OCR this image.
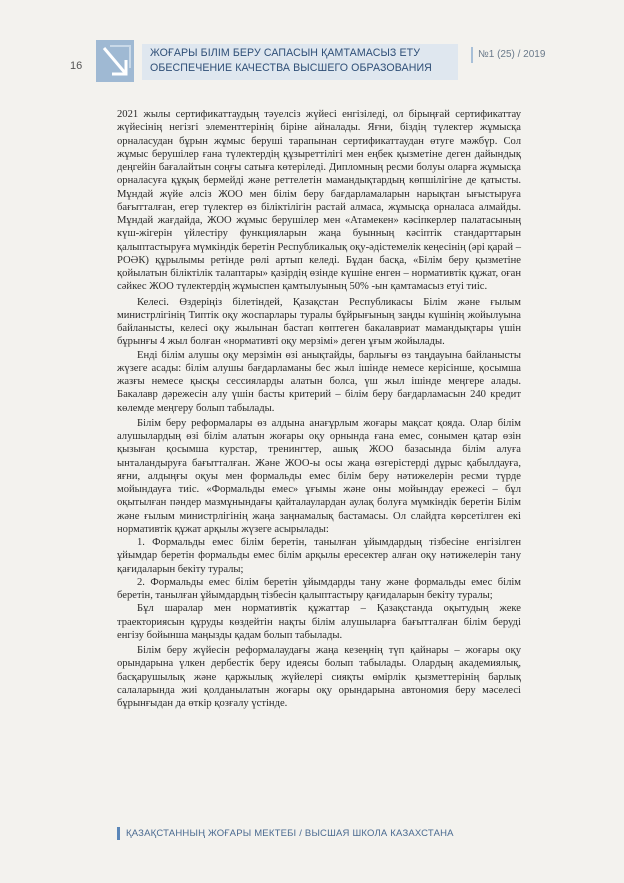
16
ЖОҒАРЫ БІЛІМ БЕРУ САПАСЫН ҚАМТАМАСЫЗ ЕТУ
ОБЕСПЕЧЕНИЕ КАЧЕСТВА ВЫСШЕГО ОБРАЗОВАНИЯ
№1 (25) / 2019

2021 жылы сертификаттаудың тәуелсіз жүйесі енгізіледі, ол бірыңғай сертификаттау жүйесінің негізгі элементтерінің біріне айналады. Яғни, біздің түлектер жұмысқа орналасудан бұрын жұмыс беруші тарапынан сертификаттаудан өтуге мәжбүр. Сол жұмыс берушілер ғана түлектердің құзыреттілігі мен еңбек қызметіне деген дайындық деңгейін бағалайтын соңғы сатыға көтеріледі. Дипломның ресми болуы оларға жұмысқа орналасуға құқық бермейді және реттелетін мамандықтардың көпшілігіне де қатысты. Мұндай жүйе әлсіз ЖОО мен білім беру бағдарламаларын нарықтан ығыстыруға бағытталған, егер түлектер өз біліктілігін растай алмаса, жұмысқа орналаса алмайды. Мұндай жағдайда, ЖОО жұмыс берушілер мен «Атамекен» кәсіпкерлер палатасының күш-жігерін үйлестіру функцияларын жаңа буынның кәсіптік стандарттарын қалыптастыруға мүмкіндік беретін Республикалық оқу-әдістемелік кеңесінің (әрі қарай – РОӘК) құрылымы ретінде рөлі артып келеді. Бұдан басқа, «Білім беру қызметіне қойылатын біліктілік талаптары» қазірдің өзінде күшіне енген – нормативтік құжат, оған сәйкес ЖОО түлектердің жұмыспен қамтылуының 50% -ын қамтамасыз етуі тиіс.

Келесі. Өздеріңіз білетіндей, Қазақстан Республикасы Білім және ғылым министрлігінің Типтік оқу жоспарлары туралы бұйрығының заңды күшінің жойылуына байланысты, келесі оқу жылынан бастап көптеген бакалавриат мамандықтары үшін бұрынғы 4 жыл болған «нормативті оқу мерзімі» деген ұғым жойылады.

Енді білім алушы оқу мерзімін өзі анықтайды, барлығы өз таңдауына байланысты жүзеге асады: білім алушы бағдарламаны бес жыл ішінде немесе керісінше, қосымша жазғы немесе қысқы сессияларды алатын болса, үш жыл ішінде меңгере алады. Бакалавр дәрежесін алу үшін басты критерий – білім беру бағдарламасын 240 кредит көлемде меңгеру болып табылады.

Білім беру реформалары өз алдына анағұрлым жоғары мақсат қояда. Олар білім алушылардың өзі білім алатын жоғары оқу орнында ғана емес, сонымен қатар өзін қызыған қосымша курстар, тренингтер, ашық ЖОО базасында білім алуға ынталандыруға бағытталған. Және ЖОО-ы осы жаңа өзгерістерді дұрыс қабылдауға, яғни, алдыңғы оқуы мен формальды емес білім беру нәтижелерін ресми түрде мойындауға тиіс. «Формальды емес» ұғымы және оны мойындау ережесі – бұл оқытылған пәндер мазмұнындағы қайталаулардан аулақ болуға мүмкіндік беретін Білім және ғылым министрлігінің жаңа заңнамалық бастамасы. Ол слайдта көрсетілген екі нормативтік құжат арқылы жүзеге асырылады:

1. Формальды емес білім беретін, танылған ұйымдардың тізбесіне енгізілген ұйымдар беретін формальды емес білім арқылы ересектер алған оқу нәтижелерін тану қағидаларын бекіту туралы;

2. Формальды емес білім беретін ұйымдарды тану және формальды емес білім беретін, танылған ұйымдардың тізбесін қалыптастыру қағидаларын бекіту туралы;

Бұл шаралар мен нормативтік құжаттар – Қазақстанда оқытудың жеке траекториясын құруды көздейтін нақты білім алушыларға бағытталған білім беруді енгізу бойынша маңызды қадам болып табылады.

Білім беру жүйесін реформалаудағы жаңа кезеңнің түп қайнары – жоғары оқу орындарына үлкен дербестік беру идеясы болып табылады. Олардың академиялық, басқарушылық және қаржылық жүйелері сияқты өмірлік қызметтерінің барлық салаларында жиі қолданылатын жоғары оқу орындарына автономия беру мәселесі бұрынғыдан да өткір қозғалу үстінде.

ҚАЗАҚСТАННЫҢ ЖОҒАРЫ МЕКТЕБІ / ВЫСШАЯ ШКОЛА КАЗАХСТАНА
